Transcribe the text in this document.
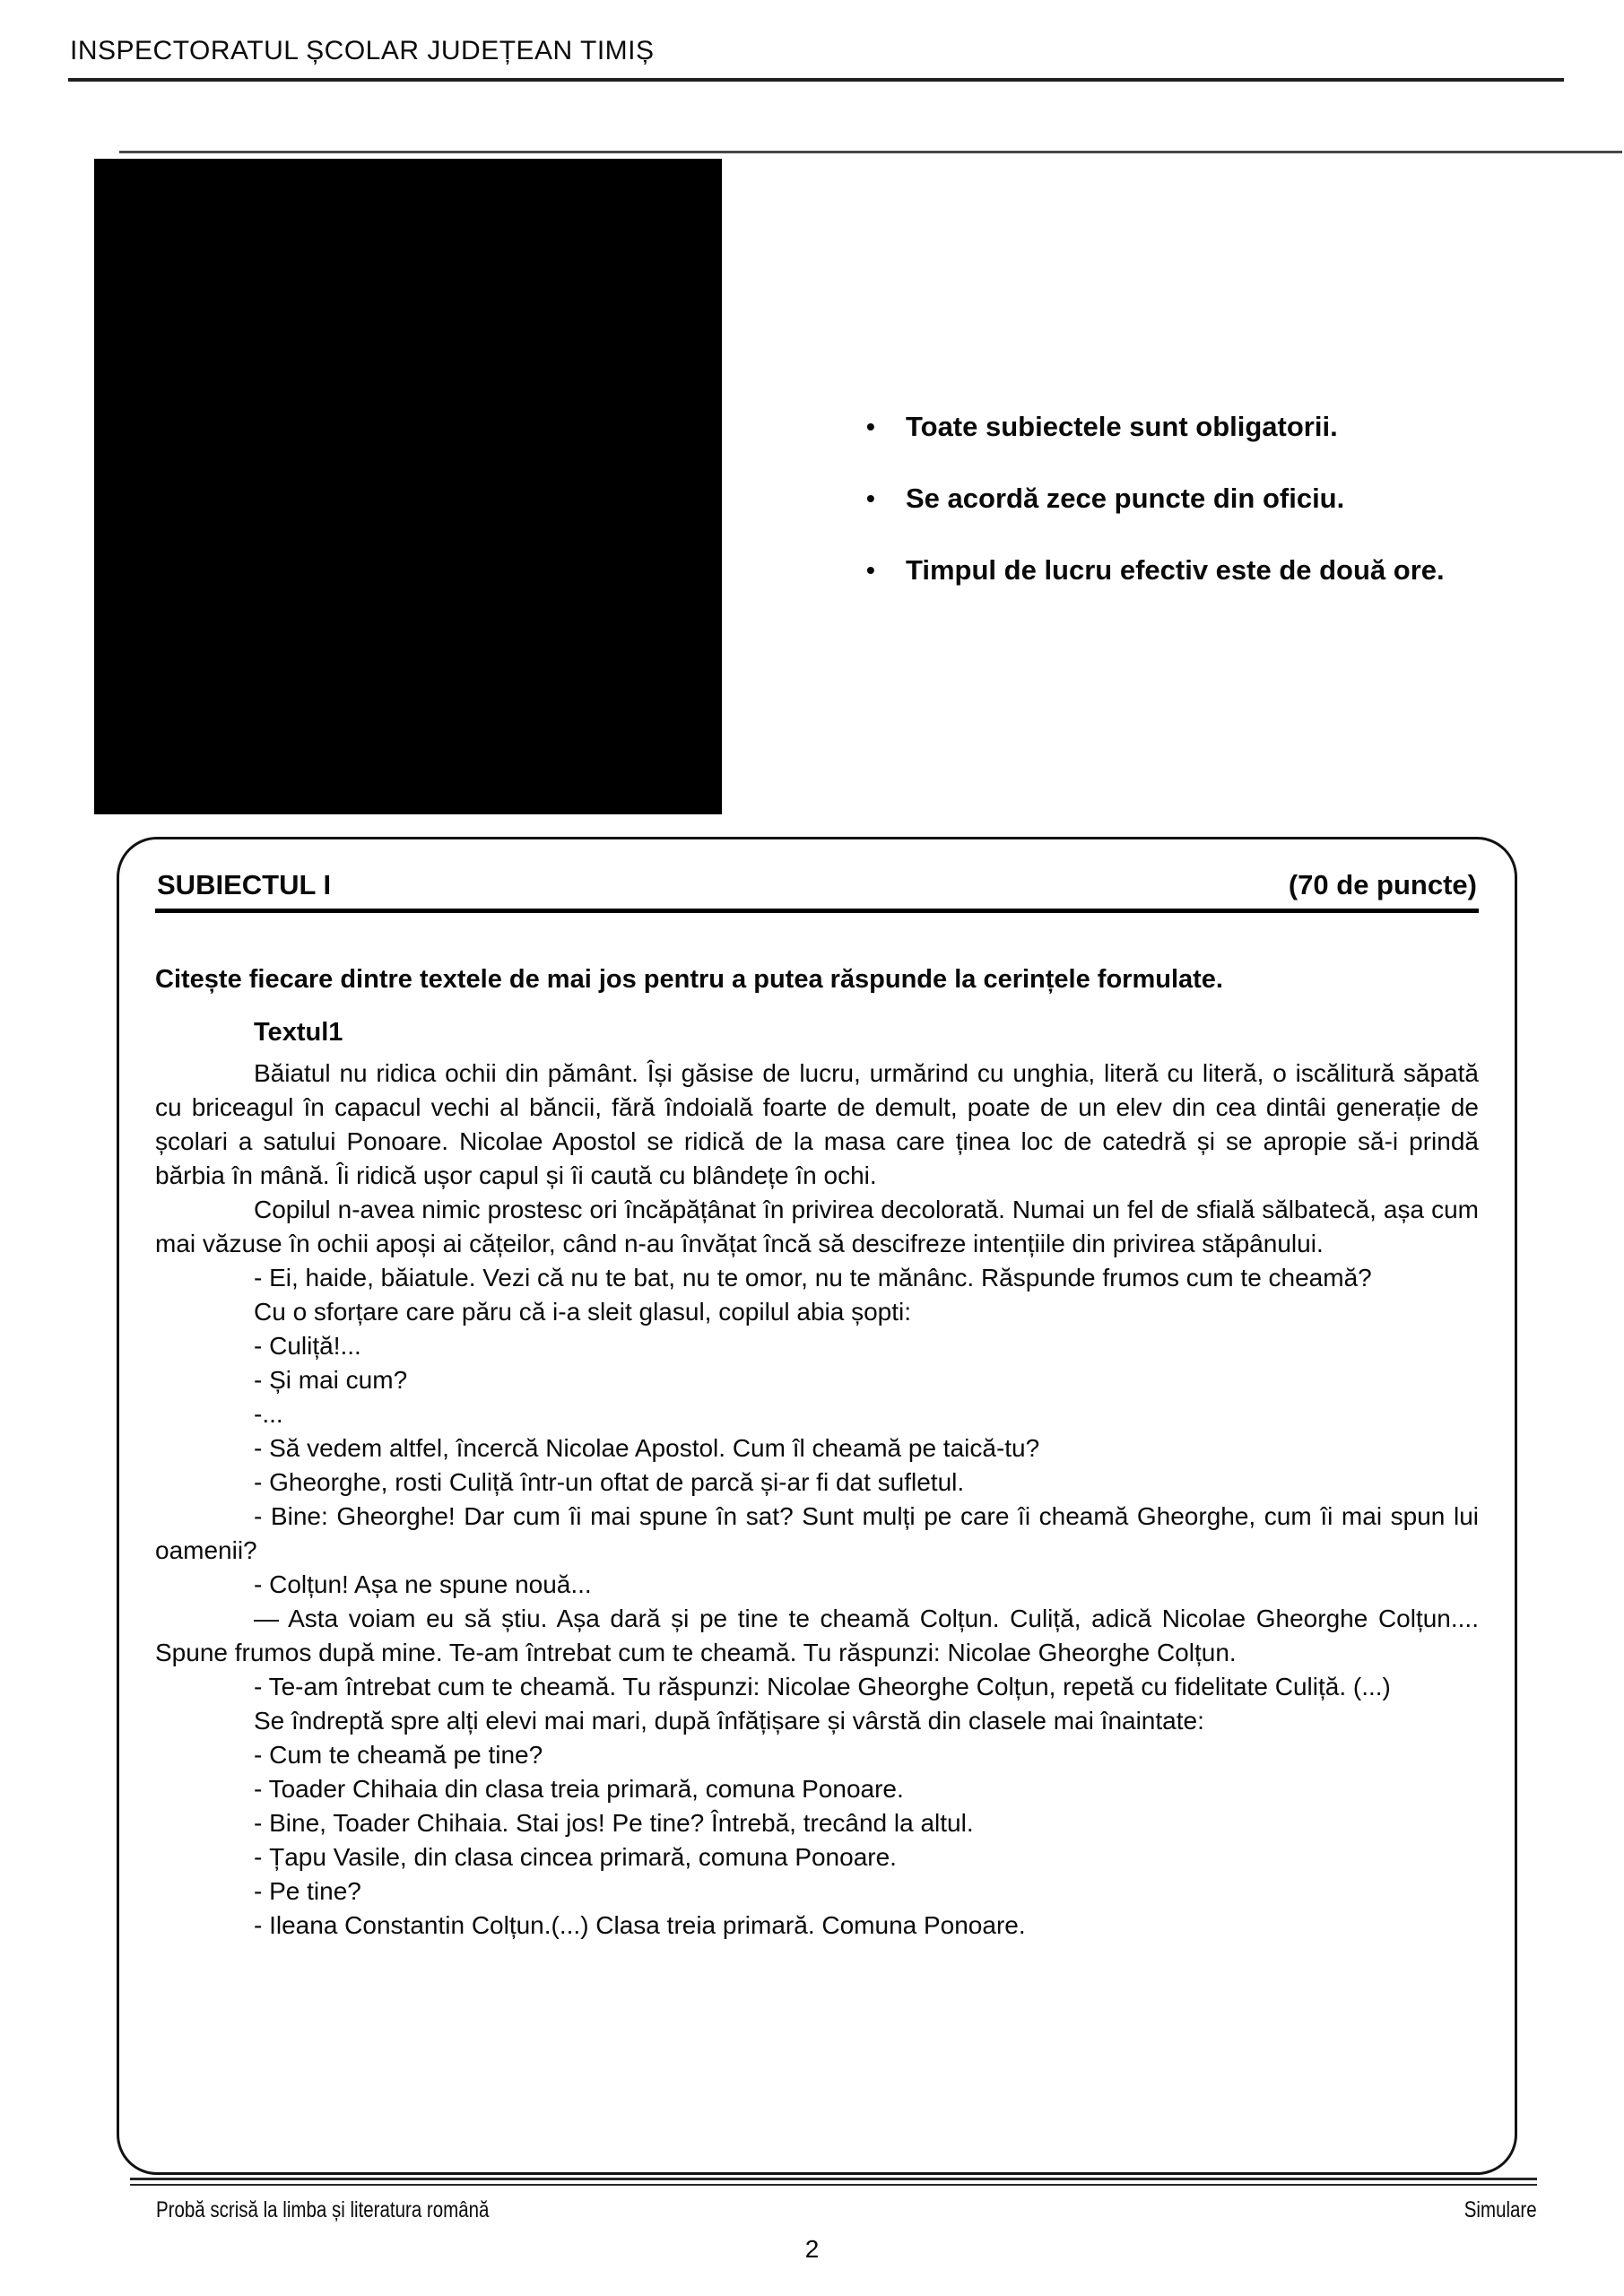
INSPECTORATUL ȘCOLAR JUDEȚEAN TIMIȘ
•	Toate subiectele sunt obligatorii.
•	Se acordă zece puncte din oficiu.
•	Timpul de lucru efectiv este de două ore.
SUBIECTUL I	(70 de puncte)
Citește fiecare dintre textele de mai jos pentru a putea răspunde la cerințele formulate.
Textul1

Băiatul nu ridica ochii din pământ. Își găsise de lucru, urmărind cu unghia, literă cu literă, o iscălitură săpată cu briceagul în capacul vechi al băncii, fără îndoială foarte de demult, poate de un elev din cea dintâi generație de școlari a satului Ponoare. Nicolae Apostol se ridică de la masa care ținea loc de catedră și se apropie să-i prindă bărbia în mână. Îi ridică ușor capul și îi caută cu blândețe în ochi.

Copilul n-avea nimic prostesc ori încăpățânat în privirea decolorată. Numai un fel de sfială sălbatecă, așa cum mai văzuse în ochii apoși ai cățeilor, când n-au învățat încă să descifreze intențiile din privirea stăpânului.

- Ei, haide, băiatule. Vezi că nu te bat, nu te omor, nu te mănânc. Răspunde frumos cum te cheamă?

Cu o sforțare care păru că i-a sleit glasul, copilul abia șopti:

- Culiță!...

- Și mai cum?

-...

- Să vedem altfel, încercă Nicolae Apostol. Cum îl cheamă pe taică-tu?

- Gheorghe, rosti Culiță într-un oftat de parcă și-ar fi dat sufletul.

- Bine: Gheorghe! Dar cum îi mai spune în sat? Sunt mulți pe care îi cheamă Gheorghe, cum îi mai spun lui oamenii?

- Colțun! Așa ne spune nouă...

— Asta voiam eu să știu. Așa dară și pe tine te cheamă Colțun. Culiță, adică Nicolae Gheorghe Colțun.... Spune frumos după mine. Te-am întrebat cum te cheamă. Tu răspunzi: Nicolae Gheorghe Colțun.

- Te-am întrebat cum te cheamă. Tu răspunzi: Nicolae Gheorghe Colțun, repetă cu fidelitate Culiță. (...)

Se îndreptă spre alți elevi mai mari, după înfățișare și vârstă din clasele mai înaintate:

- Cum te cheamă pe tine?

- Toader Chihaia din clasa treia primară, comuna Ponoare.

- Bine, Toader Chihaia. Stai jos! Pe tine? Întrebă, trecând la altul.

- Țapu Vasile, din clasa cincea primară, comuna Ponoare.

- Pe tine?

- Ileana Constantin Colțun.(...) Clasa treia primară. Comuna Ponoare.

Probă scrisă la limba și literatura română	Simulare
2
